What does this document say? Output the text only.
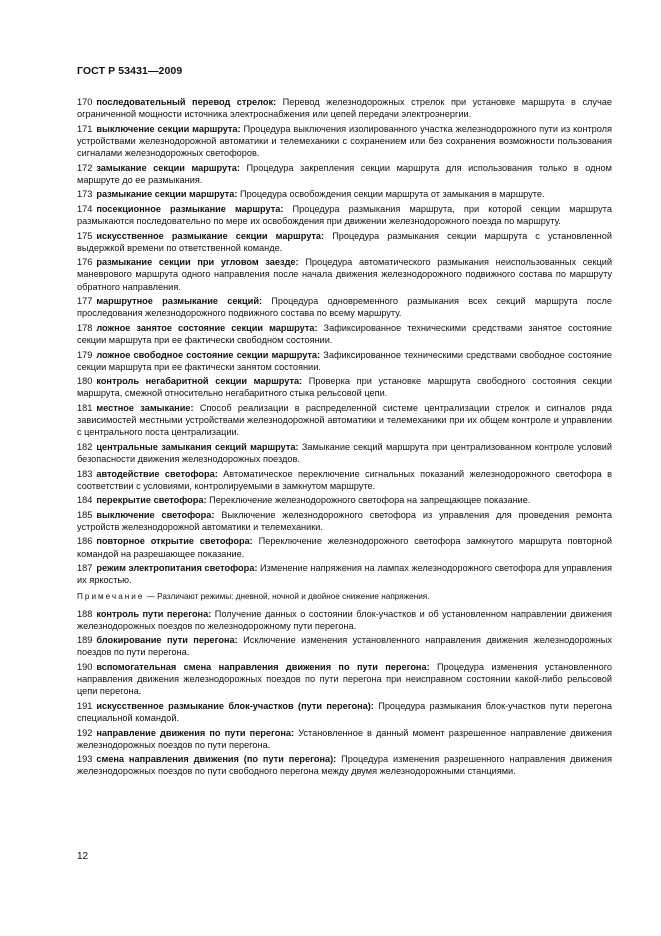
ГОСТ Р 53431—2009

170 последовательный перевод стрелок: Перевод железнодорожных стрелок при установке маршрута в случае ограниченной мощности источника электроснабжения или цепей передачи электроэнергии.

171 выключение секции маршрута: Процедура выключения изолированного участка железнодорожного пути из контроля устройствами железнодорожной автоматики и телемеханики с сохранением или без сохранения возможности пользования сигналами железнодорожных светофоров.

172 замыкание секции маршрута: Процедура закрепления секции маршрута для использования только в одном маршруте до ее размыкания.

173 размыкание секции маршрута: Процедура освобождения секции маршрута от замыкания в маршруте.

174 посекционное размыкание маршрута: Процедура размыкания маршрута, при которой секции маршрута размыкаются последовательно по мере их освобождения при движении железнодорожного поезда по маршруту.

175 искусственное размыкание секции маршрута: Процедура размыкания секции маршрута с установленной выдержкой времени по ответственной команде.

176 размыкание секции при угловом заезде: Процедура автоматического размыкания неиспользованных секций маневрового маршрута одного направления после начала движения железнодорожного подвижного состава по маршруту обратного направления.

177 маршрутное размыкание секций: Процедура одновременного размыкания всех секций маршрута после проследования железнодорожного подвижного состава по всему маршруту.

178 ложное занятое состояние секции маршрута: Зафиксированное техническими средствами занятое состояние секции маршрута при ее фактически свободном состоянии.

179 ложное свободное состояние секции маршрута: Зафиксированное техническими средствами свободное состояние секции маршрута при ее фактически занятом состоянии.

180 контроль негабаритной секции маршрута: Проверка при установке маршрута свободного состояния секции маршрута, смежной относительно негабаритного стыка рельсовой цепи.

181 местное замыкание: Способ реализации в распределенной системе централизации стрелок и сигналов ряда зависимостей местными устройствами железнодорожной автоматики и телемеханики при их общем контроле и управлении с центрального поста централизации.

182 центральные замыкания секций маршрута: Замыкание секций маршрута при централизованном контроле условий безопасности движения железнодорожных поездов.

183 автодействие светофора: Автоматическое переключение сигнальных показаний железнодорожного светофора в соответствии с условиями, контролируемыми в замкнутом маршруте.

184 перекрытие светофора: Переключение железнодорожного светофора на запрещающее показание.

185 выключение светофора: Выключение железнодорожного светофора из управления для проведения ремонта устройств железнодорожной автоматики и телемеханики.

186 повторное открытие светофора: Переключение железнодорожного светофора замкнутого маршрута повторной командой на разрешающее показание.

187 режим электропитания светофора: Изменение напряжения на лампах железнодорожного светофора для управления их яркостью.

Примечание — Различают режимы: дневной, ночной и двойное снижение напряжения.

188 контроль пути перегона: Получение данных о состоянии блок-участков и об установленном направлении движения железнодорожных поездов по железнодорожному пути перегона.

189 блокирование пути перегона: Исключение изменения установленного направления движения железнодорожных поездов по пути перегона.

190 вспомогательная смена направления движения по пути перегона: Процедура изменения установленного направления движения железнодорожных поездов по пути перегона при неисправном состоянии какой-либо рельсовой цепи перегона.

191 искусственное размыкание блок-участков (пути перегона): Процедура размыкания блок-участков пути перегона специальной командой.

192 направление движения по пути перегона: Установленное в данный момент разрешенное направление движения железнодорожных поездов по пути перегона.

193 смена направления движения (по пути перегона): Процедура изменения разрешенного направления движения железнодорожных поездов по пути свободного перегона между двумя железнодорожными станциями.

12
